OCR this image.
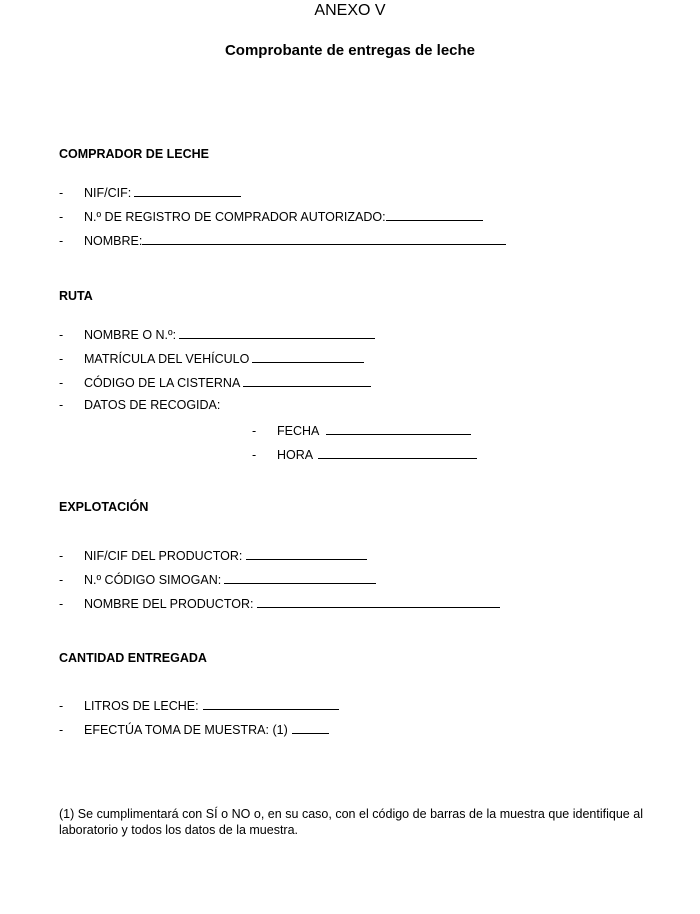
ANEXO V
Comprobante de entregas de leche
COMPRADOR DE LECHE
-	NIF/CIF:
-	N.º DE REGISTRO DE COMPRADOR AUTORIZADO:
-	NOMBRE:
RUTA
-	NOMBRE O N.º:
-	MATRÍCULA DEL VEHÍCULO
-	CÓDIGO DE LA CISTERNA
-	DATOS DE RECOGIDA:
-	FECHA
-	HORA
EXPLOTACIÓN
-	NIF/CIF DEL PRODUCTOR:
-	N.º CÓDIGO SIMOGAN:
-	NOMBRE DEL PRODUCTOR:
CANTIDAD ENTREGADA
-	LITROS DE LECHE:
-	EFECTÚA TOMA DE MUESTRA: (1)
(1) Se cumplimentará con SÍ o NO o, en su caso, con el código de barras de la muestra que identifique al laboratorio y todos los datos de la muestra.
